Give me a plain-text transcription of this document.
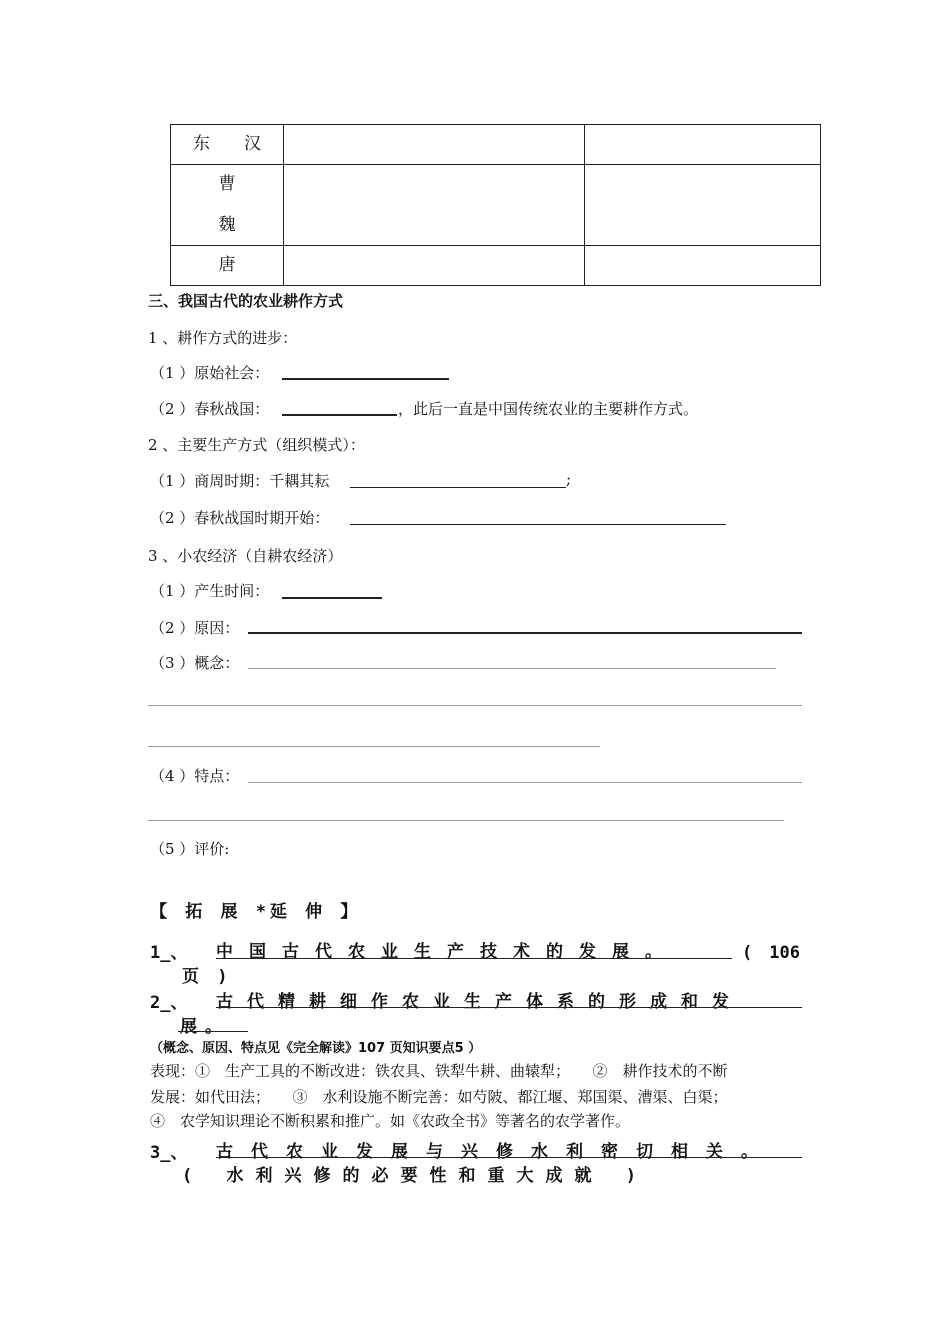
东　　汉		

曹
魏		

唐		

三、我国古代的农业耕作方式
1 、耕作方式的进步：
（1 ）原始社会：
（2 ）春秋战国：	，此后一直是中国传统农业的主要耕作方式。
2 、主要生产方式（组织模式）：
（1 ）商周时期：千耦其耘	;
（2 ）春秋战国时期开始：
3 、小农经济（自耕农经济）
（1 ）产生时间：
（2 ）原因：
（3 ）概念：
（4 ）特点：
（5 ）评价:
【 拓 展 *延 伸 】
1_、 中国古代农业生产技术的发展。	(　106
页 )
2_、 古代精耕细作农业生产体系的形成和发
展。
（概念、原因、特点见《完全解读》107 页知识要点5 ）
表现：①　生产工具的不断改进：铁农具、铁犁牛耕、曲辕犁；　　②　耕作技术的不断
发展：如代田法；　　③　水利设施不断完善：如芍陂、都江堰、郑国渠、漕渠、白渠；
④　农学知识理论不断积累和推广。如《农政全书》等著名的农学著作。
3_、 古代农业发展与兴修水利密切相关。
( 水利兴修的必要性和重大成就 )
